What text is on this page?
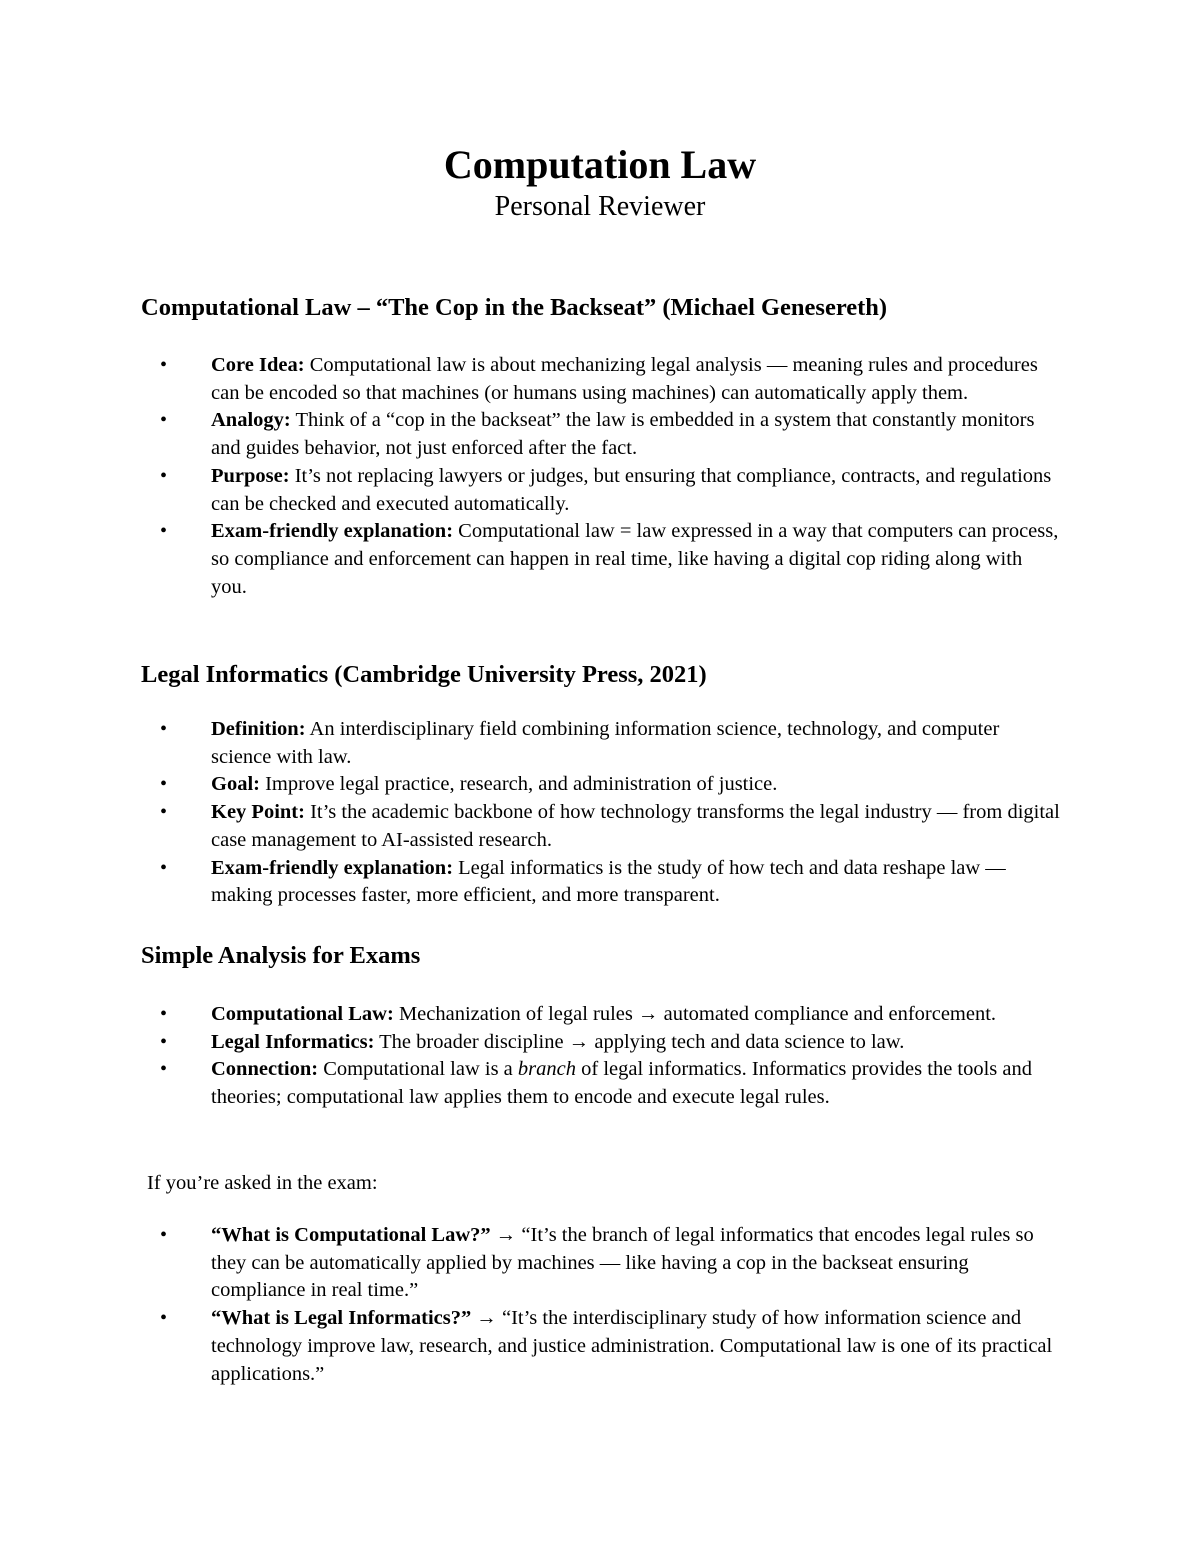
Computation Law
Personal Reviewer
Computational Law – “The Cop in the Backseat” (Michael Genesereth)
• Core Idea: Computational law is about mechanizing legal analysis — meaning rules and procedures can be encoded so that machines (or humans using machines) can automatically apply them.
• Analogy: Think of a “cop in the backseat” the law is embedded in a system that constantly monitors and guides behavior, not just enforced after the fact.
• Purpose: It’s not replacing lawyers or judges, but ensuring that compliance, contracts, and regulations can be checked and executed automatically.
• Exam-friendly explanation: Computational law = law expressed in a way that computers can process, so compliance and enforcement can happen in real time, like having a digital cop riding along with you.
Legal Informatics (Cambridge University Press, 2021)
• Definition: An interdisciplinary field combining information science, technology, and computer science with law.
• Goal: Improve legal practice, research, and administration of justice.
• Key Point: It’s the academic backbone of how technology transforms the legal industry — from digital case management to AI-assisted research.
• Exam-friendly explanation: Legal informatics is the study of how tech and data reshape law — making processes faster, more efficient, and more transparent.
Simple Analysis for Exams
• Computational Law: Mechanization of legal rules → automated compliance and enforcement.
• Legal Informatics: The broader discipline → applying tech and data science to law.
• Connection: Computational law is a branch of legal informatics. Informatics provides the tools and theories; computational law applies them to encode and execute legal rules.
If you’re asked in the exam:
• “What is Computational Law?” → “It’s the branch of legal informatics that encodes legal rules so they can be automatically applied by machines — like having a cop in the backseat ensuring compliance in real time.”
• “What is Legal Informatics?” → “It’s the interdisciplinary study of how information science and technology improve law, research, and justice administration. Computational law is one of its practical applications.”
